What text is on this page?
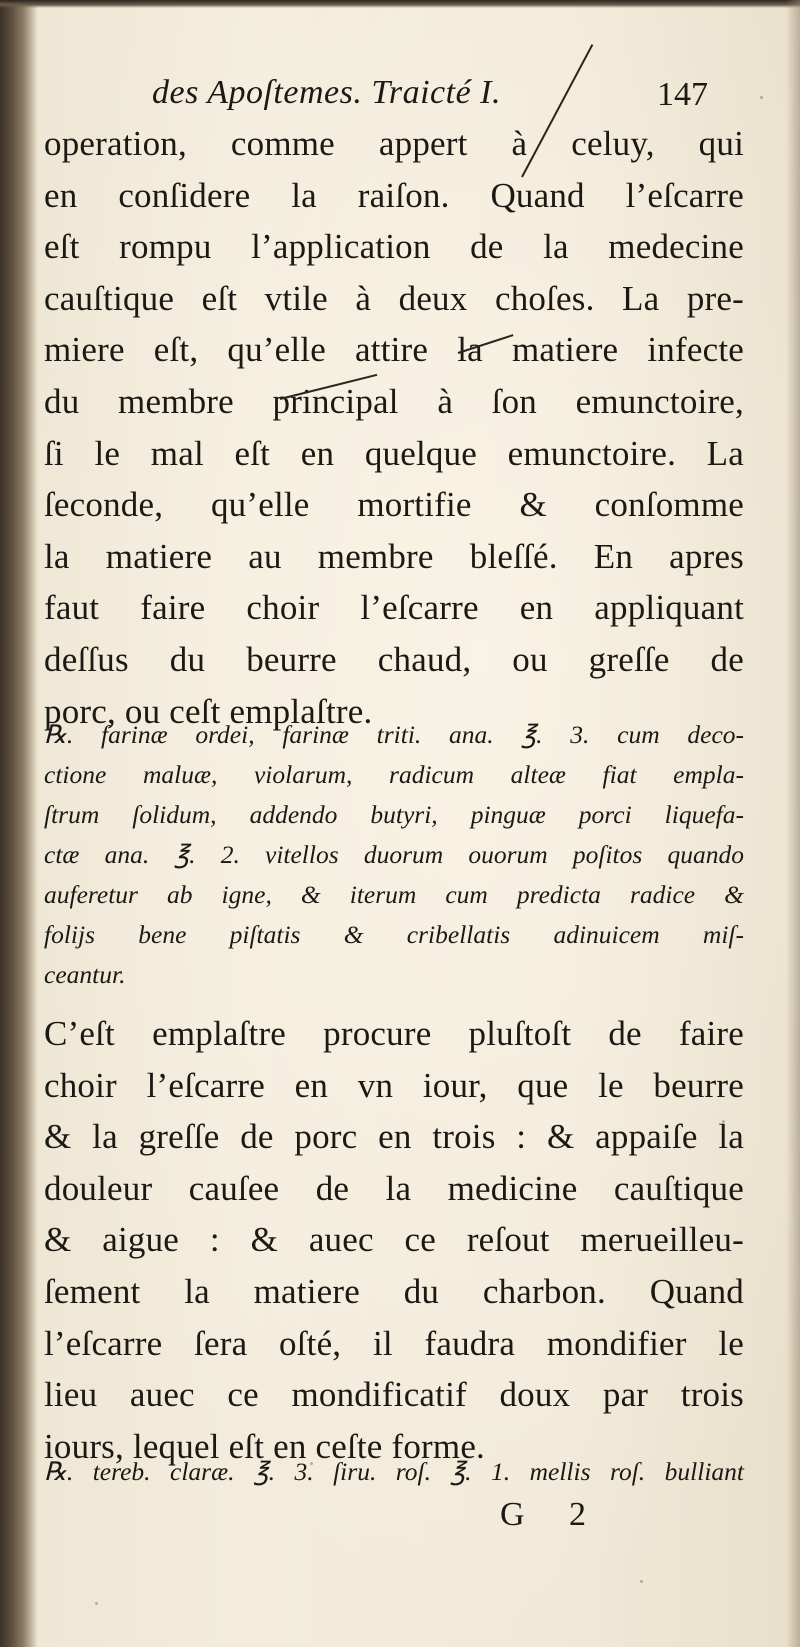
des Apoſtemes. Traicté I.	147
operation, comme appert à celuy, qui
en conſidere la raiſon. Quand l’eſcarre
eſt rompu l’application de la medecine
cauſtique eſt vtile à deux choſes. La pre-
miere eſt, qu’elle attire la matiere infecte
du membre principal à ſon emunctoire,
ſi le mal eſt en quelque emunctoire. La
ſeconde, qu’elle mortifie & conſomme
la matiere au membre bleſſé. En apres
faut faire choir l’eſcarre en appliquant
deſſus du beurre chaud, ou greſſe de
porc, ou ceſt emplaſtre.
℞. farinæ ordei, farinæ triti. ana. ℥. 3. cum deco-
ctione maluæ, violarum, radicum alteæ fiat empla-
ſtrum ſolidum, addendo butyri, pinguæ porci liquefa-
ctæ ana. ℥. 2. vitellos duorum ouorum poſitos quando
auferetur ab igne, & iterum cum predicta radice &
folijs bene piſtatis & cribellatis adinuicem miſ-
ceantur.
C’eſt emplaſtre procure pluſtoſt de faire
choir l’eſcarre en vn iour, que le beurre
& la greſſe de porc en trois : & appaiſe la
douleur cauſee de la medicine cauſtique
& aigue : & auec ce reſout merueilleu-
ſement la matiere du charbon. Quand
l’eſcarre ſera oſté, il faudra mondifier le
lieu auec ce mondificatif doux par trois
iours, lequel eſt en ceſte forme.
℞. tereb. claræ. ℥. 3. ſiru. roſ. ℥. 1. mellis roſ. bulliant
G 2
